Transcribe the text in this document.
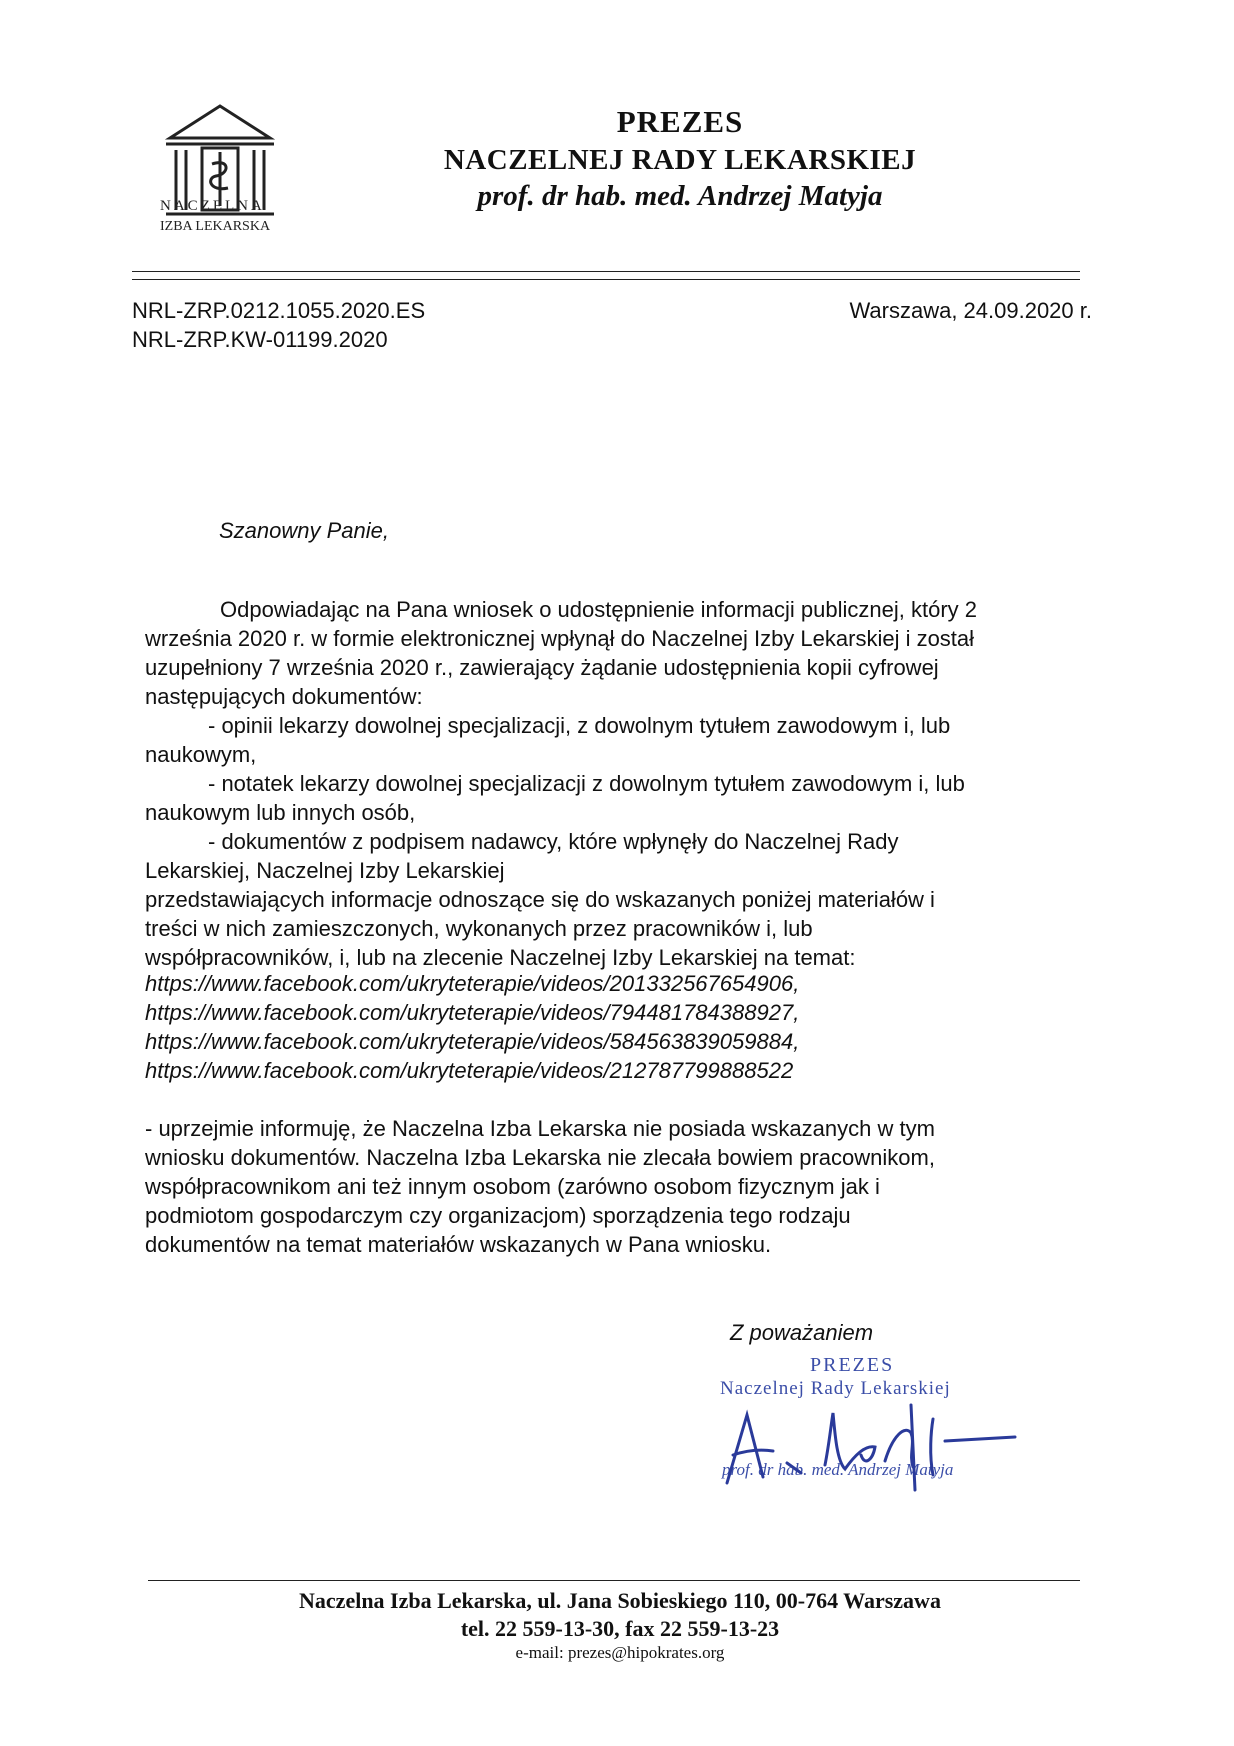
NACZELNA
IZBA LEKARSKA
PREZES
NACZELNEJ RADY LEKARSKIEJ
prof. dr hab. med. Andrzej Matyja
NRL-ZRP.0212.1055.2020.ES
NRL-ZRP.KW-01199.2020
Warszawa, 24.09.2020 r.
Szanowny Panie,
Odpowiadając na Pana wniosek o udostępnienie informacji publicznej, który 2
września 2020 r. w formie elektronicznej wpłynął do Naczelnej Izby Lekarskiej i został
uzupełniony 7 września 2020 r., zawierający żądanie udostępnienia kopii cyfrowej
następujących dokumentów:
- opinii lekarzy dowolnej specjalizacji, z dowolnym tytułem zawodowym i, lub
naukowym,
- notatek lekarzy dowolnej specjalizacji z dowolnym tytułem zawodowym i, lub
naukowym lub innych osób,
- dokumentów z podpisem nadawcy, które wpłynęły do Naczelnej Rady
Lekarskiej, Naczelnej Izby Lekarskiej
przedstawiających informacje odnoszące się do wskazanych poniżej materiałów i
treści w nich zamieszczonych, wykonanych przez pracowników i, lub
współpracowników, i, lub na zlecenie Naczelnej Izby Lekarskiej na temat:
https://www.facebook.com/ukryteterapie/videos/201332567654906,
https://www.facebook.com/ukryteterapie/videos/794481784388927,
https://www.facebook.com/ukryteterapie/videos/584563839059884,
https://www.facebook.com/ukryteterapie/videos/212787799888522
- uprzejmie informuję, że Naczelna Izba Lekarska nie posiada wskazanych w tym
wniosku dokumentów. Naczelna Izba Lekarska nie zlecała bowiem pracownikom,
współpracownikom ani też innym osobom (zarówno osobom fizycznym jak i
podmiotom gospodarczym czy organizacjom) sporządzenia tego rodzaju
dokumentów na temat materiałów wskazanych w Pana wniosku.
Z poważaniem
PREZES
Naczelnej Rady Lekarskiej
prof. dr hab. med. Andrzej Matyja
Naczelna Izba Lekarska, ul. Jana Sobieskiego 110, 00-764 Warszawa
tel. 22 559-13-30, fax 22 559-13-23
e-mail: prezes@hipokrates.org
